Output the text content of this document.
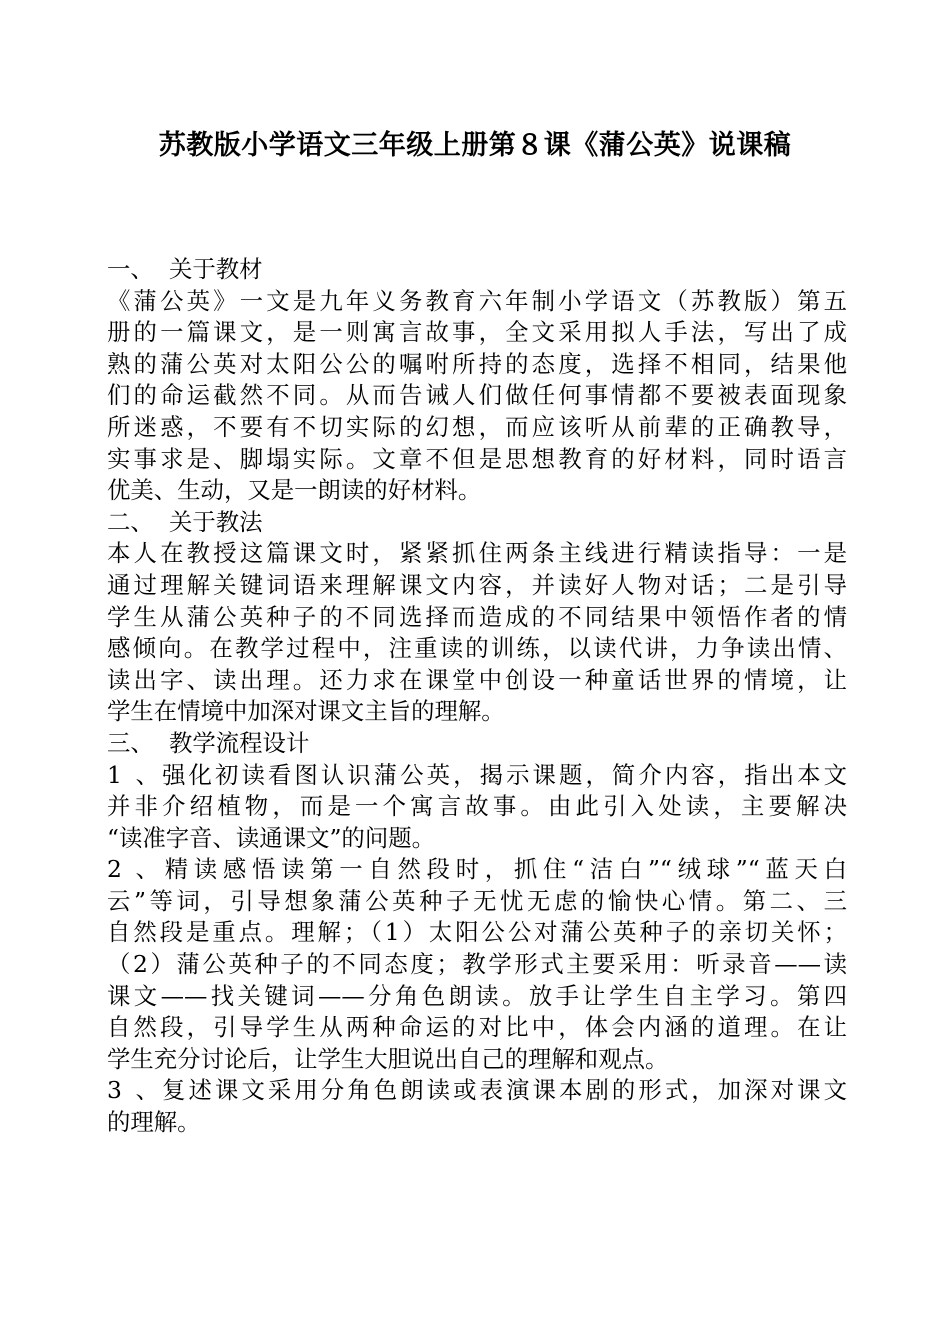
苏教版小学语文三年级上册第８课《蒲公英》说课稿
一、 关于教材
《蒲公英》一文是九年义务教育六年制小学语文（苏教版）第五
册的一篇课文，是一则寓言故事，全文采用拟人手法，写出了成
熟的蒲公英对太阳公公的嘱咐所持的态度，选择不相同，结果他
们的命运截然不同。从而告诫人们做任何事情都不要被表面现象
所迷惑，不要有不切实际的幻想，而应该听从前辈的正确教导，
实事求是、脚塌实际。文章不但是思想教育的好材料，同时语言
优美、生动，又是一朗读的好材料。
二、 关于教法
本人在教授这篇课文时，紧紧抓住两条主线进行精读指导：一是
通过理解关键词语来理解课文内容，并读好人物对话；二是引导
学生从蒲公英种子的不同选择而造成的不同结果中领悟作者的情
感倾向。在教学过程中，注重读的训练，以读代讲，力争读出情、
读出字、读出理。还力求在课堂中创设一种童话世界的情境，让
学生在情境中加深对课文主旨的理解。
三、 教学流程设计
1、强化初读看图认识蒲公英，揭示课题，简介内容，指出本文
并非介绍植物，而是一个寓言故事。由此引入处读，主要解决
“读准字音、读通课文”的问题。
2、精读感悟读第一自然段时，抓住“洁白”“绒球”“蓝天白
云”等词，引导想象蒲公英种子无忧无虑的愉快心情。第二、三
自然段是重点。理解；（1）太阳公公对蒲公英种子的亲切关怀；
（2）蒲公英种子的不同态度；教学形式主要采用：听录音——读
课文——找关键词——分角色朗读。放手让学生自主学习。第四
自然段，引导学生从两种命运的对比中，体会内涵的道理。在让
学生充分讨论后，让学生大胆说出自己的理解和观点。
3、复述课文采用分角色朗读或表演课本剧的形式，加深对课文
的理解。
